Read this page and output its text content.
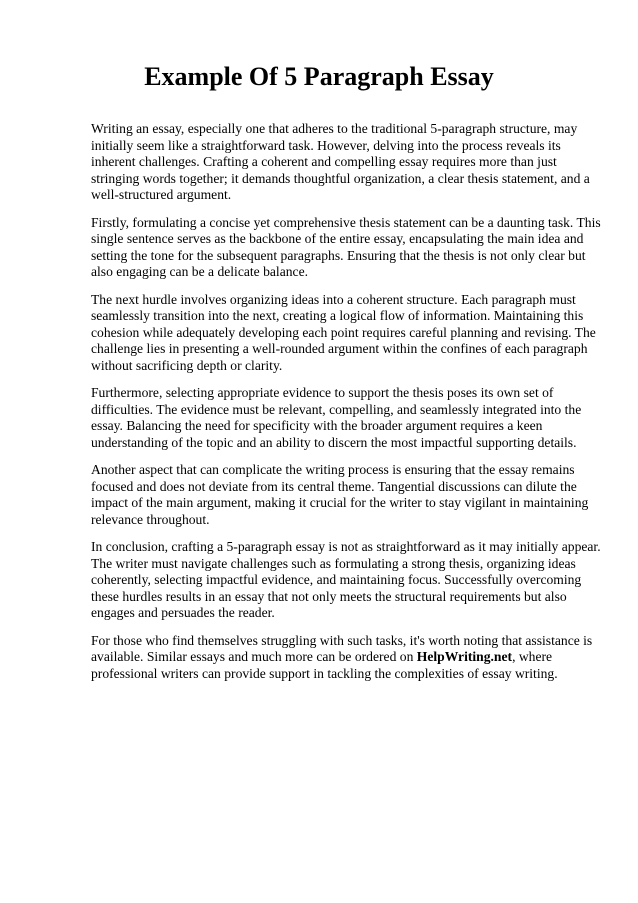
Example Of 5 Paragraph Essay

Writing an essay, especially one that adheres to the traditional 5-paragraph structure, may initially seem like a straightforward task. However, delving into the process reveals its inherent challenges. Crafting a coherent and compelling essay requires more than just stringing words together; it demands thoughtful organization, a clear thesis statement, and a well-structured argument.

Firstly, formulating a concise yet comprehensive thesis statement can be a daunting task. This single sentence serves as the backbone of the entire essay, encapsulating the main idea and setting the tone for the subsequent paragraphs. Ensuring that the thesis is not only clear but also engaging can be a delicate balance.

The next hurdle involves organizing ideas into a coherent structure. Each paragraph must seamlessly transition into the next, creating a logical flow of information. Maintaining this cohesion while adequately developing each point requires careful planning and revising. The challenge lies in presenting a well-rounded argument within the confines of each paragraph without sacrificing depth or clarity.

Furthermore, selecting appropriate evidence to support the thesis poses its own set of difficulties. The evidence must be relevant, compelling, and seamlessly integrated into the essay. Balancing the need for specificity with the broader argument requires a keen understanding of the topic and an ability to discern the most impactful supporting details.

Another aspect that can complicate the writing process is ensuring that the essay remains focused and does not deviate from its central theme. Tangential discussions can dilute the impact of the main argument, making it crucial for the writer to stay vigilant in maintaining relevance throughout.

In conclusion, crafting a 5-paragraph essay is not as straightforward as it may initially appear. The writer must navigate challenges such as formulating a strong thesis, organizing ideas coherently, selecting impactful evidence, and maintaining focus. Successfully overcoming these hurdles results in an essay that not only meets the structural requirements but also engages and persuades the reader.

For those who find themselves struggling with such tasks, it's worth noting that assistance is available. Similar essays and much more can be ordered on HelpWriting.net, where professional writers can provide support in tackling the complexities of essay writing.
